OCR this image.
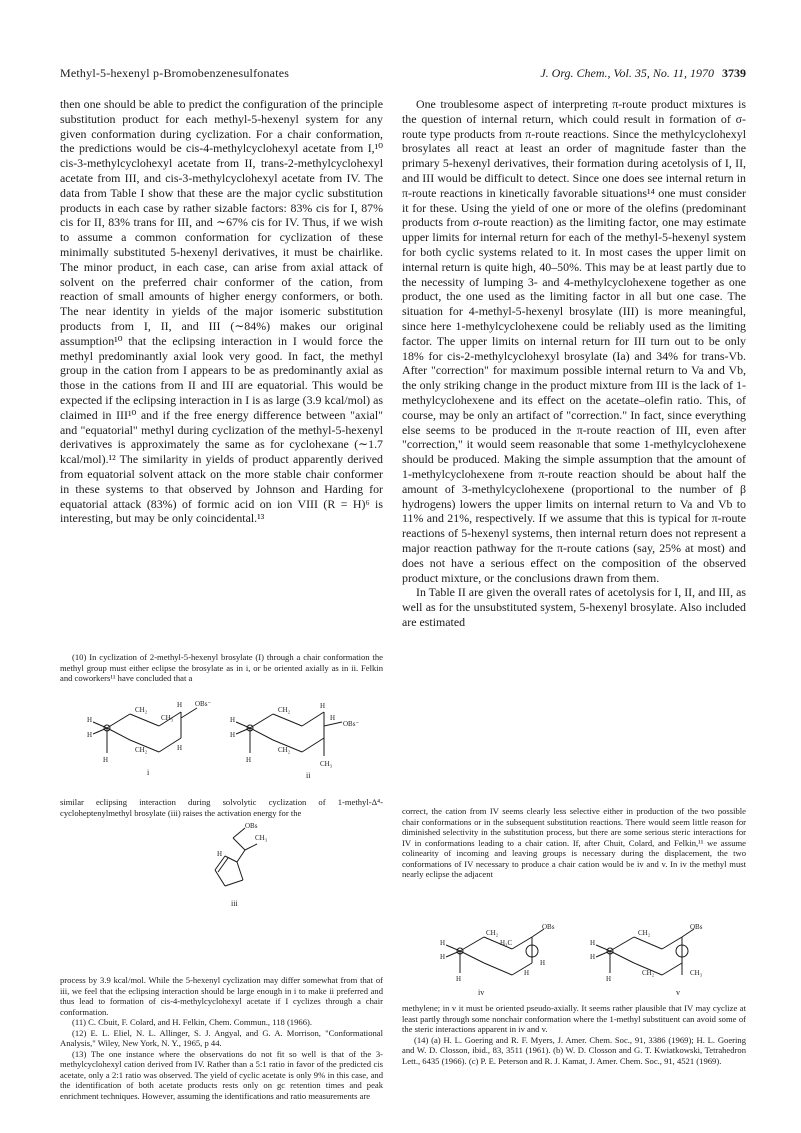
Methyl-5-hexenyl p-Bromobenzenesulfonates	J. Org. Chem., Vol. 35, No. 11, 1970 3739

then one should be able to predict the configuration of the principle substitution product for each methyl-5-hexenyl system for any given conformation during cyclization. For a chair conformation, the predictions would be cis-4-methylcyclohexyl acetate from I,¹⁰ cis-3-methylcyclohexyl acetate from II, trans-2-methylcyclohexyl acetate from III, and cis-3-methylcyclohexyl acetate from IV. The data from Table I show that these are the major cyclic substitution products in each case by rather sizable factors: 83% cis for I, 87% cis for II, 83% trans for III, and ∼67% cis for IV. Thus, if we wish to assume a common conformation for cyclization of these minimally substituted 5-hexenyl derivatives, it must be chairlike. The minor product, in each case, can arise from axial attack of solvent on the preferred chair conformer of the cation, from reaction of small amounts of higher energy conformers, or both. The near identity in yields of the major isomeric substitution products from I, II, and III (∼84%) makes our original assumption¹⁰ that the eclipsing interaction in I would force the methyl predominantly axial look very good. In fact, the methyl group in the cation from I appears to be as predominantly axial as those in the cations from II and III are equatorial. This would be expected if the eclipsing interaction in I is as large (3.9 kcal/mol) as claimed in III¹⁰ and if the free energy difference between "axial" and "equatorial" methyl during cyclization of the methyl-5-hexenyl derivatives is approximately the same as for cyclohexane (∼1.7 kcal/mol).¹² The similarity in yields of product apparently derived from equatorial solvent attack on the more stable chair conformer in these systems to that observed by Johnson and Harding for equatorial attack (83%) of formic acid on ion VIII (R = H)⁶ is interesting, but may be only coincidental.¹³

One troublesome aspect of interpreting π-route product mixtures is the question of internal return, which could result in formation of σ-route type products from π-route reactions. Since the methylcyclohexyl brosylates all react at least an order of magnitude faster than the primary 5-hexenyl derivatives, their formation during acetolysis of I, II, and III would be difficult to detect. Since one does see internal return in π-route reactions in kinetically favorable situations¹⁴ one must consider it for these. Using the yield of one or more of the olefins (predominant products from σ-route reaction) as the limiting factor, one may estimate upper limits for internal return for each of the methyl-5-hexenyl system for both cyclic systems related to it. In most cases the upper limit on internal return is quite high, 40–50%. This may be at least partly due to the necessity of lumping 3- and 4-methylcyclohexene together as one product, the one used as the limiting factor in all but one case. The situation for 4-methyl-5-hexenyl brosylate (III) is more meaningful, since here 1-methylcyclohexene could be reliably used as the limiting factor. The upper limits on internal return for III turn out to be only 18% for cis-2-methylcyclohexyl brosylate (Ia) and 34% for trans-Vb. After "correction" for maximum possible internal return to Va and Vb, the only striking change in the product mixture from III is the lack of 1-methylcyclohexene and its effect on the acetate–olefin ratio. This, of course, may be only an artifact of "correction." In fact, since everything else seems to be produced in the π-route reaction of III, even after "correction," it would seem reasonable that some 1-methylcyclohexene should be produced. Making the simple assumption that the amount of 1-methylcyclohexene from π-route reaction should be about half the amount of 3-methylcyclohexene (proportional to the number of β hydrogens) lowers the upper limits on internal return to Va and Vb to 11% and 21%, respectively. If we assume that this is typical for π-route reactions of 5-hexenyl systems, then internal return does not represent a major reaction pathway for the π-route cations (say, 25% at most) and does not have a serious effect on the composition of the observed product mixture, or the conclusions drawn from them.

In Table II are given the overall rates of acetolysis for I, II, and III, as well as for the unsubstituted system, 5-hexenyl brosylate. Also included are estimated

(10) In cyclization of 2-methyl-5-hexenyl brosylate (I) through a chair conformation the methyl group must either eclipse the brosylate as in i, or be oriented axially as in ii. Felkin and coworkers¹¹ have concluded that a

H
H
CH₂
CH₂
CH₃
H OBs⁻
H
H
i
H
H
CH₂
CH₂
H
H
OBs⁻
H	CH₃
ii

similar eclipsing interaction during solvolytic cyclization of 1-methyl-Δ⁴-cycloheptenylmethyl brosylate (iii) raises the activation energy for the

OBs
CH₃
H
iii

process by 3.9 kcal/mol. While the 5-hexenyl cyclization may differ somewhat from that of iii, we feel that the eclipsing interaction should be large enough in i to make ii preferred and thus lead to formation of cis-4-methylcyclohexyl acetate if I cyclizes through a chair conformation.

(11) C. Cbuit, F. Colard, and H. Felkin, Chem. Commun., 118 (1966).

(12) E. L. Eliel, N. L. Allinger, S. J. Angyal, and G. A. Morrison, "Conformational Analysis," Wiley, New York, N. Y., 1965, p 44.

(13) The one instance where the observations do not fit so well is that of the 3-methylcyclohexyl cation derived from IV. Rather than a 5:1 ratio in favor of the predicted cis acetate, only a 2:1 ratio was observed. The yield of cyclic acetate is only 9% in this case, and the identification of both acetate products rests only on gc retention times and peak enrichment techniques. However, assuming the identifications and ratio measurements are

correct, the cation from IV seems clearly less selective either in production of the two possible chair conformations or in the subsequent substitution reactions. There would seem little reason for diminished selectivity in the substitution process, but there are some serious steric interactions for IV in conformations leading to a chair cation. If, after Chuit, Colard, and Felkin,¹¹ we assume colinearity of incoming and leaving groups is necessary during the displacement, the two conformations of IV necessary to produce a chair cation would be iv and v. In iv the methyl must nearly eclipse the adjacent

H
H
CH₂
H₃C
OBs
H
H
H
iv
H
H
CH₂
CH₂
OBs
CH₃
H
v

methylene; in v it must be oriented pseudo-axially. It seems rather plausible that IV may cyclize at least partly through some nonchair conformation where the 1-methyl substituent can avoid some of the steric interactions apparent in iv and v.

(14) (a) H. L. Goering and R. F. Myers, J. Amer. Chem. Soc., 91, 3386 (1969); H. L. Goering and W. D. Closson, ibid., 83, 3511 (1961). (b) W. D. Closson and G. T. Kwiatkowski, Tetrahedron Lett., 6435 (1966). (c) P. E. Peterson and R. J. Kamat, J. Amer. Chem. Soc., 91, 4521 (1969).
